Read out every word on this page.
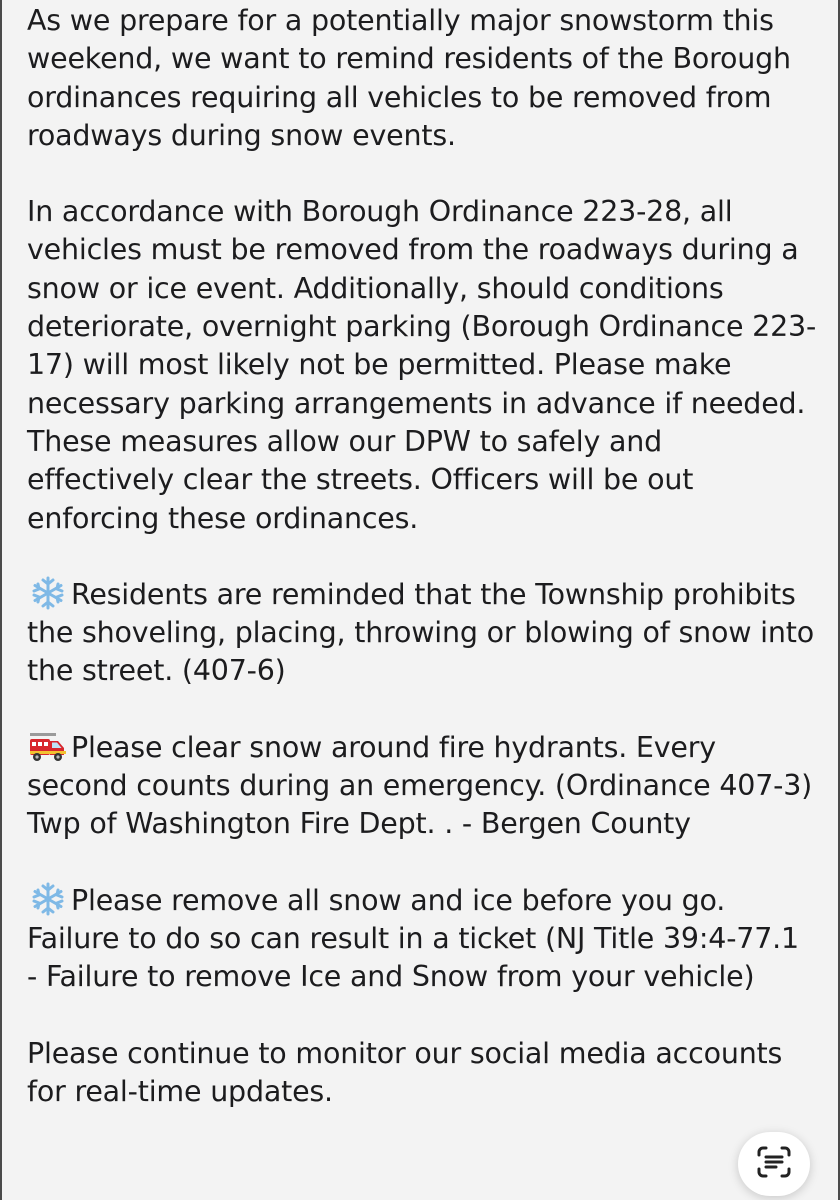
As we prepare for a potentially major snowstorm this weekend, we want to remind residents of the Borough ordinances requiring all vehicles to be removed from roadways during snow events.

In accordance with Borough Ordinance 223-28, all vehicles must be removed from the roadways during a snow or ice event. Additionally, should conditions deteriorate, overnight parking (Borough Ordinance 223-17) will most likely not be permitted. Please make necessary parking arrangements in advance if needed. These measures allow our DPW to safely and effectively clear the streets. Officers will be out enforcing these ordinances.

Residents are reminded that the Township prohibits the shoveling, placing, throwing or blowing of snow into the street. (407-6)

Please clear snow around fire hydrants. Every second counts during an emergency. (Ordinance 407-3) Twp of Washington Fire Dept. . - Bergen County

Please remove all snow and ice before you go. Failure to do so can result in a ticket (NJ Title 39:4-77.1 - Failure to remove Ice and Snow from your vehicle)

Please continue to monitor our social media accounts for real-time updates.
